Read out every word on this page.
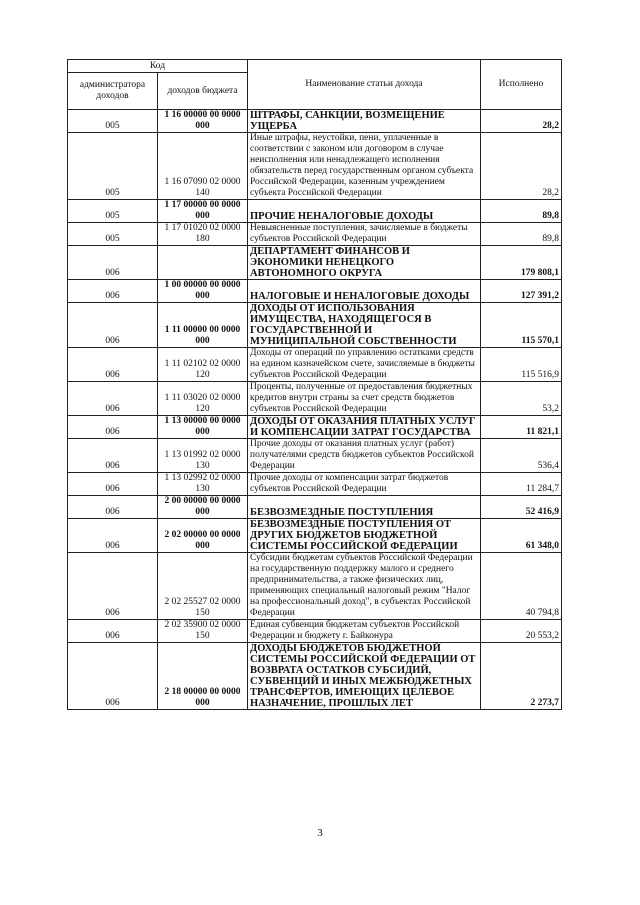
Код		Наименование статьи дохода	Исполнено
администратора доходов	доходов бюджета		
005	1 16 00000 00 0000 000	ШТРАФЫ, САНКЦИИ, ВОЗМЕЩЕНИЕ УЩЕРБА	28,2
005	1 16 07090 02 0000 140	Иные штрафы, неустойки, пени, уплаченные в соответствии с законом или договором в случае неисполнения или ненадлежащего исполнения обязательств перед государственным органом субъекта Российской Федерации, казенным учреждением субъекта Российской Федерации	28,2
005	1 17 00000 00 0000 000	ПРОЧИЕ НЕНАЛОГОВЫЕ ДОХОДЫ	89,8
005	1 17 01020 02 0000 180	Невыясненные поступления, зачисляемые в бюджеты субъектов Российской Федерации	89,8
006		ДЕПАРТАМЕНТ ФИНАНСОВ И ЭКОНОМИКИ НЕНЕЦКОГО АВТОНОМНОГО ОКРУГА	179 808,1
006	1 00 00000 00 0000 000	НАЛОГОВЫЕ И НЕНАЛОГОВЫЕ ДОХОДЫ	127 391,2
006	1 11 00000 00 0000 000	ДОХОДЫ ОТ ИСПОЛЬЗОВАНИЯ ИМУЩЕСТВА, НАХОДЯЩЕГОСЯ В ГОСУДАРСТВЕННОЙ И МУНИЦИПАЛЬНОЙ СОБСТВЕННОСТИ	115 570,1
006	1 11 02102 02 0000 120	Доходы от операций по управлению остатками средств на едином казначейском счете, зачисляемые в бюджеты субъектов Российской Федерации	115 516,9
006	1 11 03020 02 0000 120	Проценты, полученные от предоставления бюджетных кредитов внутри страны за счет средств бюджетов субъектов Российской Федерации	53,2
006	1 13 00000 00 0000 000	ДОХОДЫ ОТ ОКАЗАНИЯ ПЛАТНЫХ УСЛУГ И КОМПЕНСАЦИИ ЗАТРАТ ГОСУДАРСТВА	11 821,1
006	1 13 01992 02 0000 130	Прочие доходы от оказания платных услуг (работ) получателями средств бюджетов субъектов Российской Федерации	536,4
006	1 13 02992 02 0000 130	Прочие доходы от компенсации затрат бюджетов субъектов Российской Федерации	11 284,7
006	2 00 00000 00 0000 000	БЕЗВОЗМЕЗДНЫЕ ПОСТУПЛЕНИЯ	52 416,9
006	2 02 00000 00 0000 000	БЕЗВОЗМЕЗДНЫЕ ПОСТУПЛЕНИЯ ОТ ДРУГИХ БЮДЖЕТОВ БЮДЖЕТНОЙ СИСТЕМЫ РОССИЙСКОЙ ФЕДЕРАЦИИ	61 348,0
006	2 02 25527 02 0000 150	Субсидии бюджетам субъектов Российской Федерации на государственную поддержку малого и среднего предпринимательства, а также физических лиц, применяющих специальный налоговый режим "Налог на профессиональный доход", в субъектах Российской Федерации	40 794,8
006	2 02 35900 02 0000 150	Единая субвенция бюджетам субъектов Российской Федерации и бюджету г. Байконура	20 553,2
006	2 18 00000 00 0000 000	ДОХОДЫ БЮДЖЕТОВ БЮДЖЕТНОЙ СИСТЕМЫ РОССИЙСКОЙ ФЕДЕРАЦИИ ОТ ВОЗВРАТА ОСТАТКОВ СУБСИДИЙ, СУБВЕНЦИЙ И ИНЫХ МЕЖБЮДЖЕТНЫХ ТРАНСФЕРТОВ, ИМЕЮЩИХ ЦЕЛЕВОЕ НАЗНАЧЕНИЕ, ПРОШЛЫХ ЛЕТ	2 273,7
3
